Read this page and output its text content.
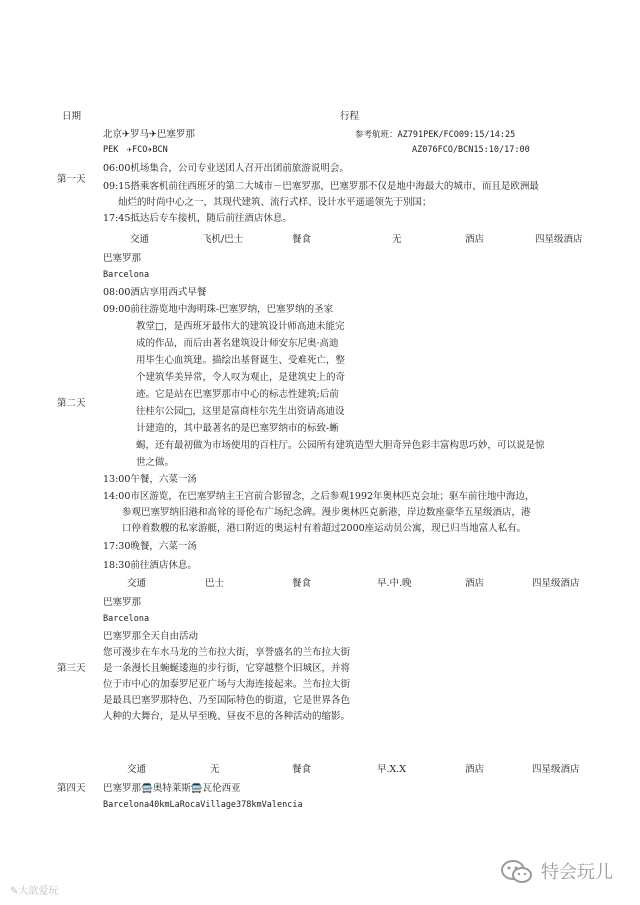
日期	行程
第一天
北京✈罗马✈巴塞罗那	参考航班：AZ791PEK/FCO09:15/14:25
PEK　✈FCO✈BCN	AZ076FCO/BCN15:10/17:00
06:00机场集合，公司专业送团人召开出团前旅游说明会。
09:15搭乘客机前往西班牙的第二大城市－巴塞罗那，巴塞罗那不仅是地中海最大的城市，而且是欧洲最
灿烂的时尚中心之一，其现代建筑、流行式样、设计水平遥遥领先于别国；
17:45抵达后专车接机，随后前往酒店休息。
交通	飞机/巴士	餐食	无	酒店	四星级酒店
第二天
巴塞罗那
Barcelona
08:00酒店享用西式早餐
09:00前往游览地中海明珠-巴塞罗纳，巴塞罗纳的圣家
教堂□，是西班牙最伟大的建筑设计师高迪未能完
成的作品，而后由著名建筑设计师安东尼奥·高迪
用毕生心血筑建。描绘出基督诞生、受难死亡，整
个建筑华美异常，令人叹为观止，是建筑史上的奇
迹。它是站在巴塞罗那市中心的标志性建筑;后前
往桂尔公园□，这里是富商桂尔先生出资请高迪设
计建造的，其中最著名的是巴塞罗纳市的标致-蜥
蜴，还有最初做为市场使用的百柱厅。公园所有建筑造型大胆奇异色彩丰富构思巧妙，可以说是惊
世之做。
13:00午餐，六菜一汤
14:00市区游览，在巴塞罗纳主王宫前合影留念，之后参观1992年奥林匹克会址；驱车前往地中海边，
参观巴塞罗纳旧港和高耸的哥伦布广场纪念碑。漫步奥林匹克新港，岸边数座豪华五星级酒店，港
口停着数艘的私家游艇，港口附近的奥运村有着超过2000座运动员公寓，现已归当地富人私有。
17:30晚餐，六菜一汤
18:30前往酒店休息。
交通	巴士	餐食	早.中.晚	酒店	四星级酒店
第三天
巴塞罗那
Barcelona
巴塞罗那全天自由活动
您可漫步在车水马龙的兰布拉大街，享誉盛名的兰布拉大街
是一条漫长且蜿蜒逶迤的步行街，它穿越整个旧城区，并将
位于市中心的加泰罗尼亚广场与大海连接起来。兰布拉大街
是最具巴塞罗那特色、乃至国际特色的街道，它是世界各色
人种的大舞台，是从早至晚、昼夜不息的各种活动的缩影。
交通	无	餐食	早.X.X	酒店	四星级酒店
第四天 巴塞罗那🚍奥特莱斯🚍瓦伦西亚
Barcelona40kmLaRocaVillage378kmValencia
✎大歆爱玩
特会玩儿
